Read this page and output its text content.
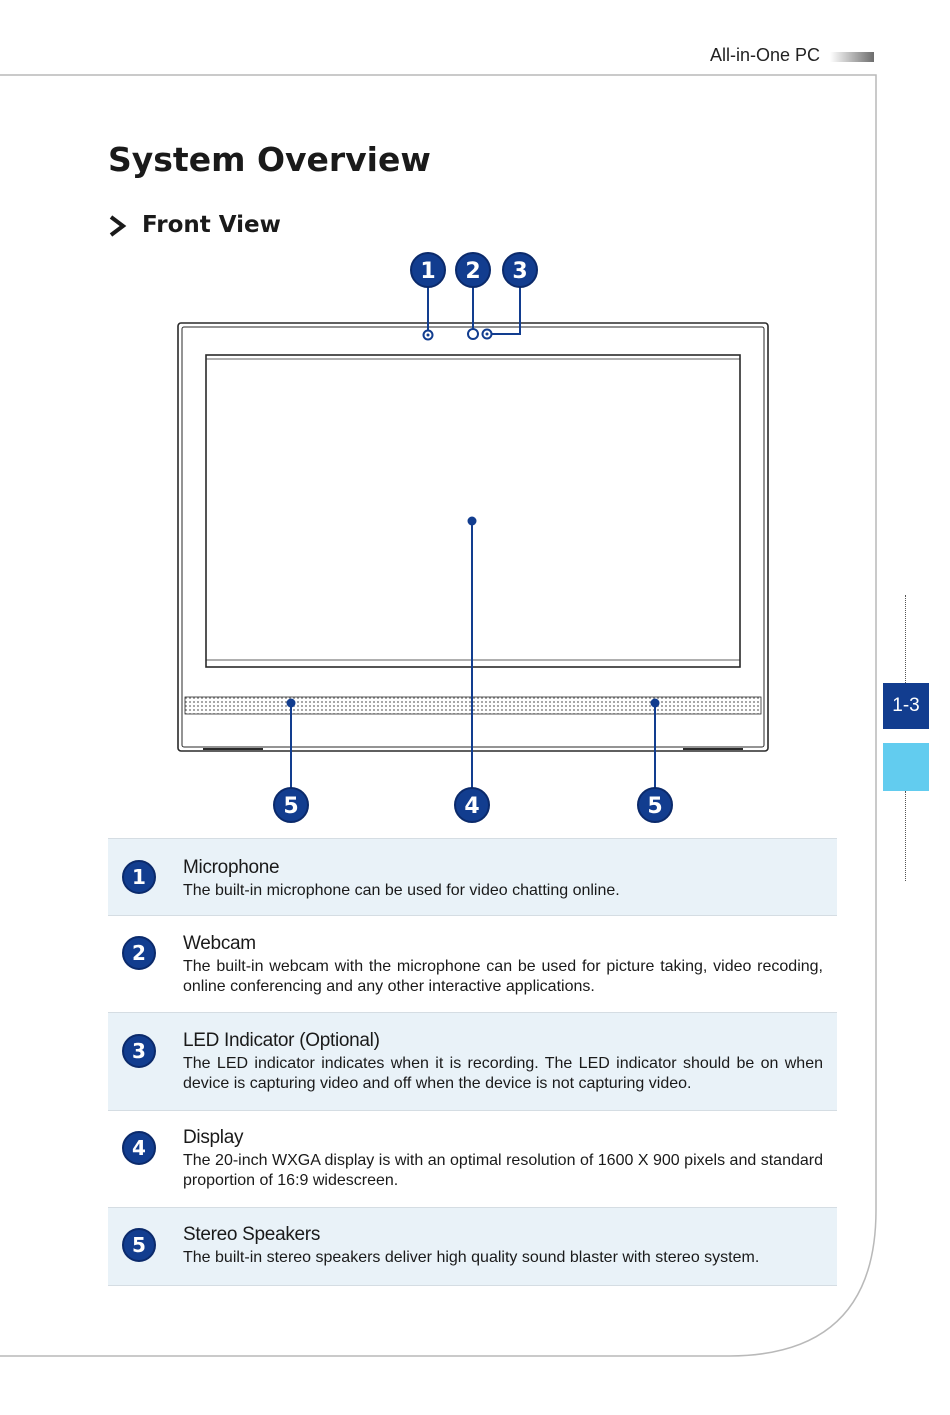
All-in-One PC
System Overview
Front View
1 2 3
4
5	5
1	Microphone
The built-in microphone can be used for video chatting online.
2	Webcam
The built-in webcam with the microphone can be used for picture taking, video recoding, online conferencing and any other interactive applications.
3	LED Indicator (Optional)
The LED indicator indicates when it is recording. The LED indicator should be on when device is capturing video and off when the device is not capturing video.
4	Display
The 20-inch WXGA display is with an optimal resolution of 1600 X 900 pixels and standard proportion of 16:9 widescreen.
5	Stereo Speakers
The built-in stereo speakers deliver high quality sound blaster with stereo system.
1-3
